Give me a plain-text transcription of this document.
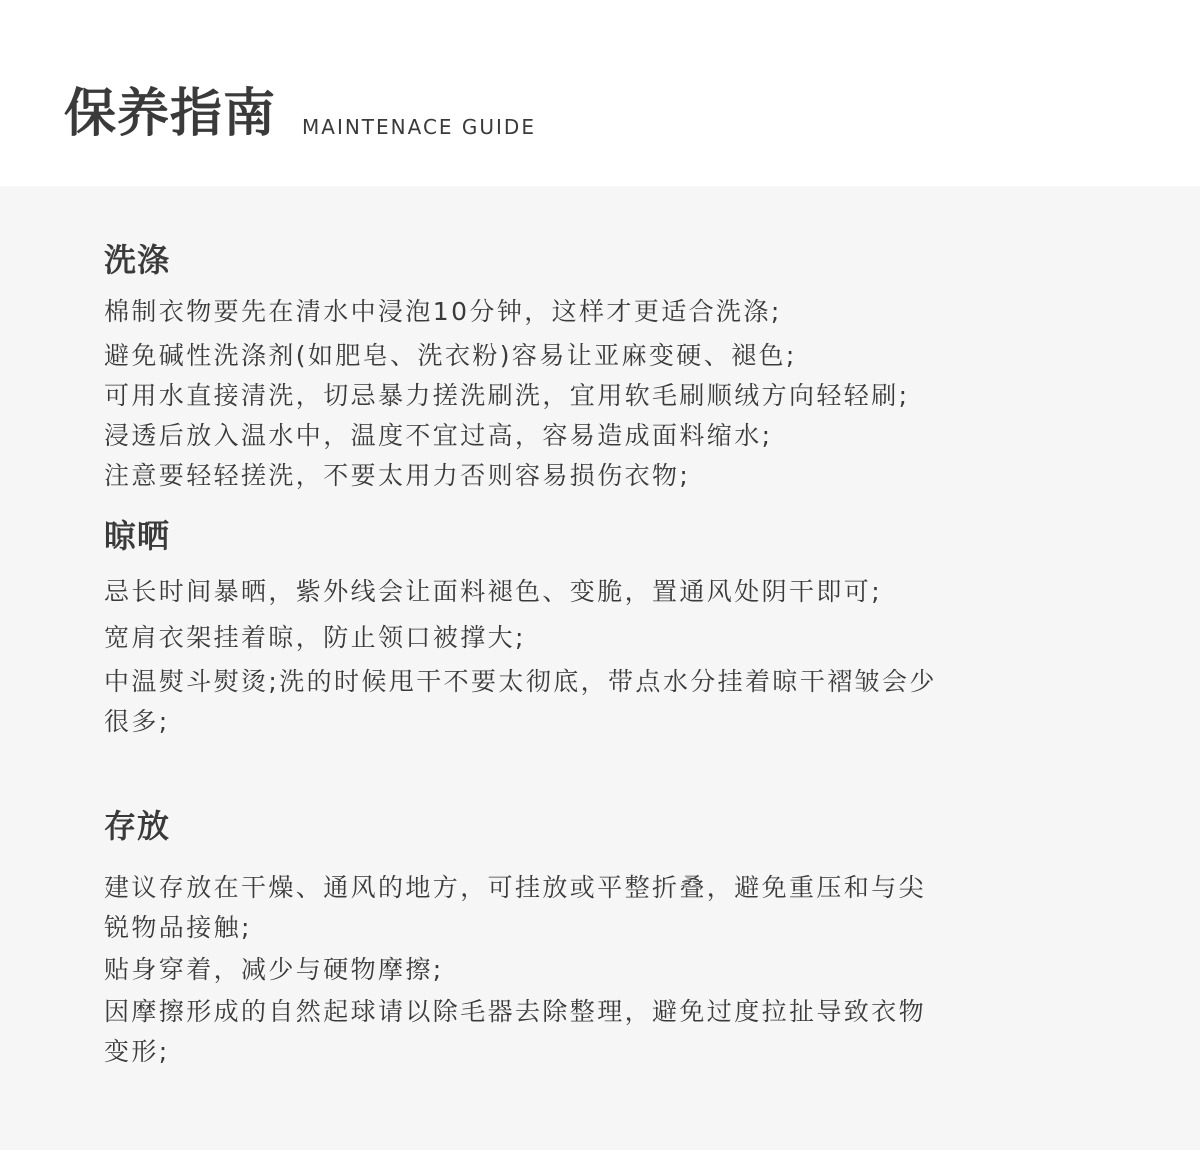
保养指南 MAINTENACE GUIDE
洗涤
棉制衣物要先在清水中浸泡10分钟，这样才更适合洗涤;
避免碱性洗涤剂(如肥皂、洗衣粉)容易让亚麻变硬、褪色;
可用水直接清洗，切忌暴力搓洗刷洗，宜用软毛刷顺绒方向轻轻刷;
浸透后放入温水中，温度不宜过高，容易造成面料缩水;
注意要轻轻搓洗，不要太用力否则容易损伤衣物;
晾晒
忌长时间暴晒，紫外线会让面料褪色、变脆，置通风处阴干即可;
宽肩衣架挂着晾，防止领口被撑大;
中温熨斗熨烫;洗的时候甩干不要太彻底，带点水分挂着晾干褶皱会少
很多;
存放
建议存放在干燥、通风的地方，可挂放或平整折叠，避免重压和与尖
锐物品接触;
贴身穿着，减少与硬物摩擦;
因摩擦形成的自然起球请以除毛器去除整理，避免过度拉扯导致衣物
变形;
